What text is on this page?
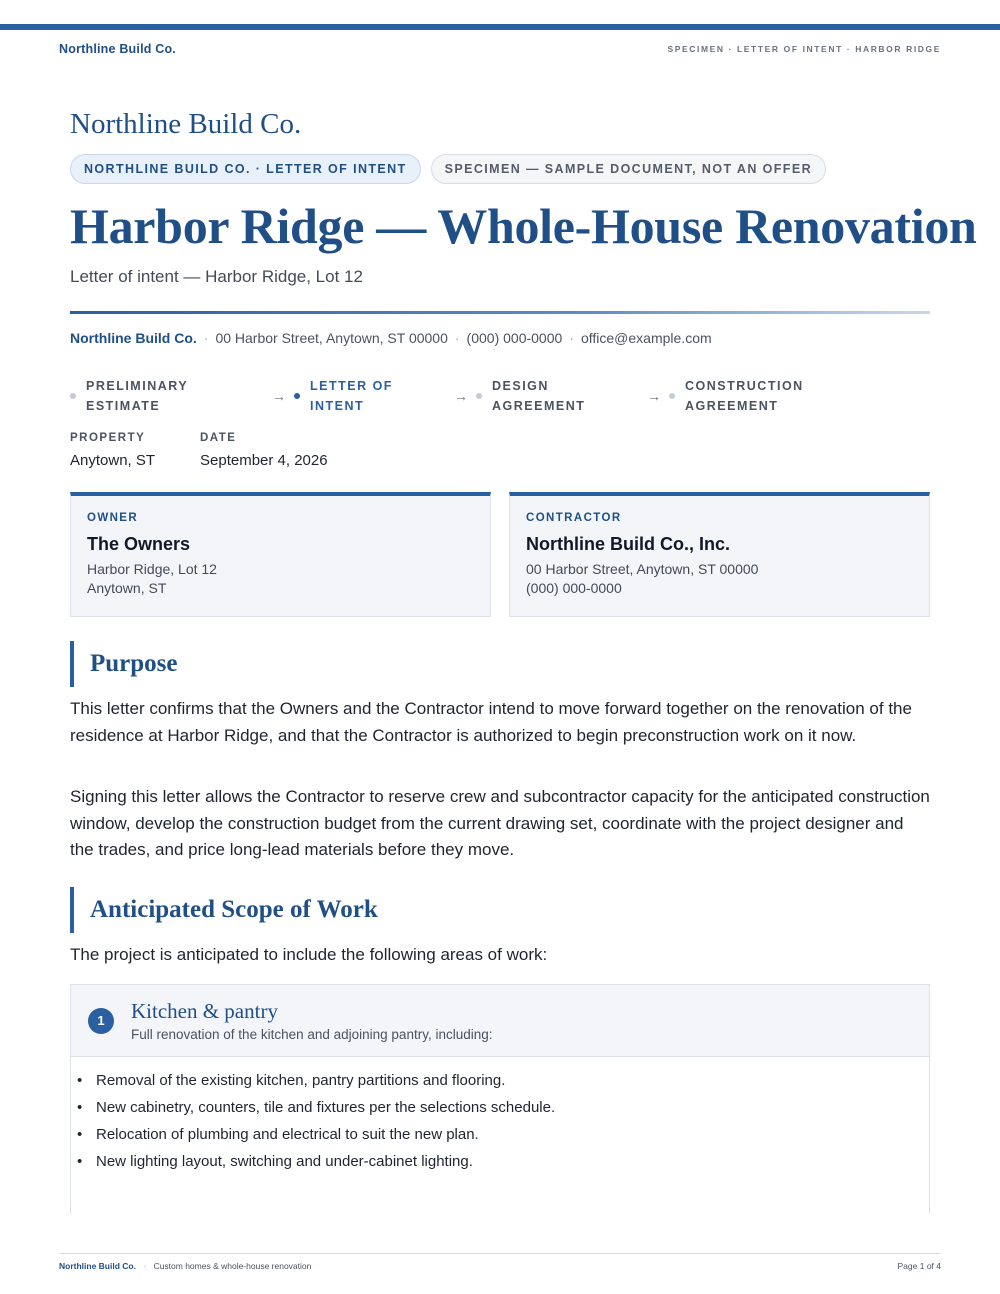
Northline Build Co.	SPECIMEN · LETTER OF INTENT · HARBOR RIDGE
Northline Build Co.
NORTHLINE BUILD CO. · LETTER OF INTENT	SPECIMEN — SAMPLE DOCUMENT, NOT AN OFFER
Harbor Ridge — Whole-House Renovation
Letter of intent — Harbor Ridge, Lot 12
Northline Build Co. · 00 Harbor Street, Anytown, ST 00000 · (000) 000-0000 · office@example.com
PRELIMINARY
ESTIMATE
→
LETTER OF
INTENT
→
DESIGN
AGREEMENT
→
CONSTRUCTION
AGREEMENT
PROPERTY
Anytown, ST
DATE
September 4, 2026
OWNER
The Owners
Harbor Ridge, Lot 12
Anytown, ST
CONTRACTOR
Northline Build Co., Inc.
00 Harbor Street, Anytown, ST 00000
(000) 000-0000
Purpose

This letter confirms that the Owners and the Contractor intend to move forward together on the renovation of the residence at Harbor Ridge, and that the Contractor is authorized to begin preconstruction work on it now.

Signing this letter allows the Contractor to reserve crew and subcontractor capacity for the anticipated construction window, develop the construction budget from the current drawing set, coordinate with the project designer and the trades, and price long-lead materials before they move.

Anticipated Scope of Work

The project is anticipated to include the following areas of work:

1	Kitchen & pantry
Full renovation of the kitchen and adjoining pantry, including:
• Removal of the existing kitchen, pantry partitions and flooring.
• New cabinetry, counters, tile and fixtures per the selections schedule.
• Relocation of plumbing and electrical to suit the new plan.
• New lighting layout, switching and under-cabinet lighting.
Northline Build Co. · Custom homes & whole-house renovation	Page 1 of 4
